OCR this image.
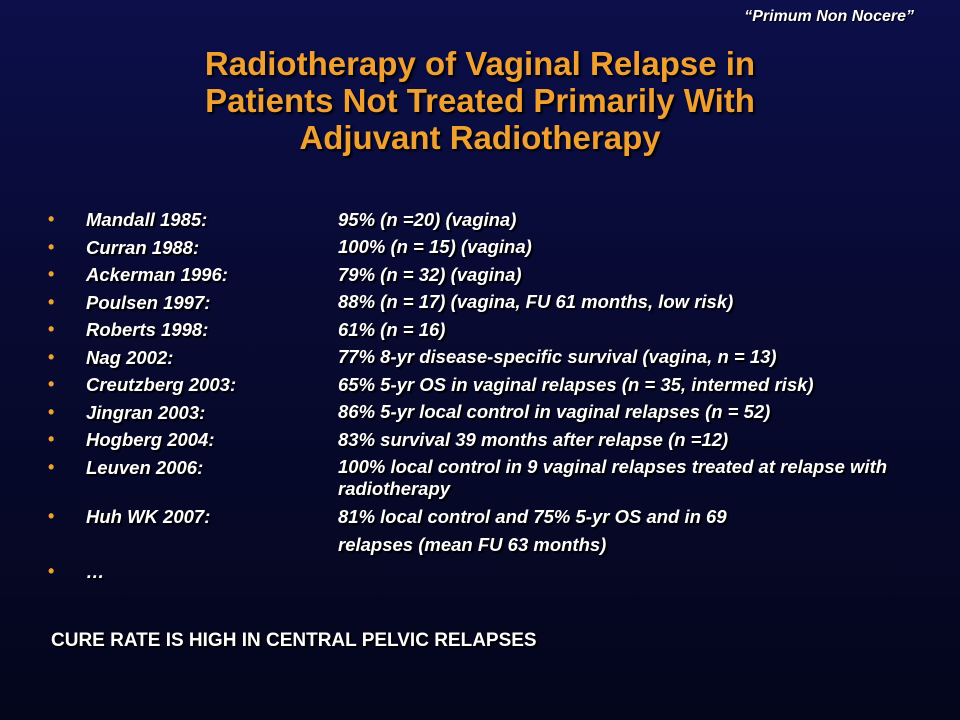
“Primum Non Nocere”
Radiotherapy of Vaginal Relapse in
Patients Not Treated Primarily With
Adjuvant Radiotherapy
• Mandall 1985:	95% (n =20) (vagina)
• Curran 1988:	100% (n = 15) (vagina)
• Ackerman 1996:	79% (n = 32) (vagina)
• Poulsen 1997:	88% (n = 17) (vagina, FU 61 months, low risk)
• Roberts 1998:	61% (n = 16)
• Nag 2002:	77% 8-yr disease-specific survival (vagina, n = 13)
• Creutzberg 2003:	65% 5-yr OS in vaginal relapses (n = 35, intermed risk)
• Jingran 2003:	86% 5-yr local control in vaginal relapses (n = 52)
• Hogberg 2004:	83% survival 39 months after relapse (n =12)
• Leuven 2006:	100% local control in 9 vaginal relapses treated at relapse with radiotherapy
• Huh WK 2007:	81% local control and 75% 5-yr OS and in 69
relapses (mean FU 63 months)
• …

CURE RATE IS HIGH IN CENTRAL PELVIC RELAPSES
